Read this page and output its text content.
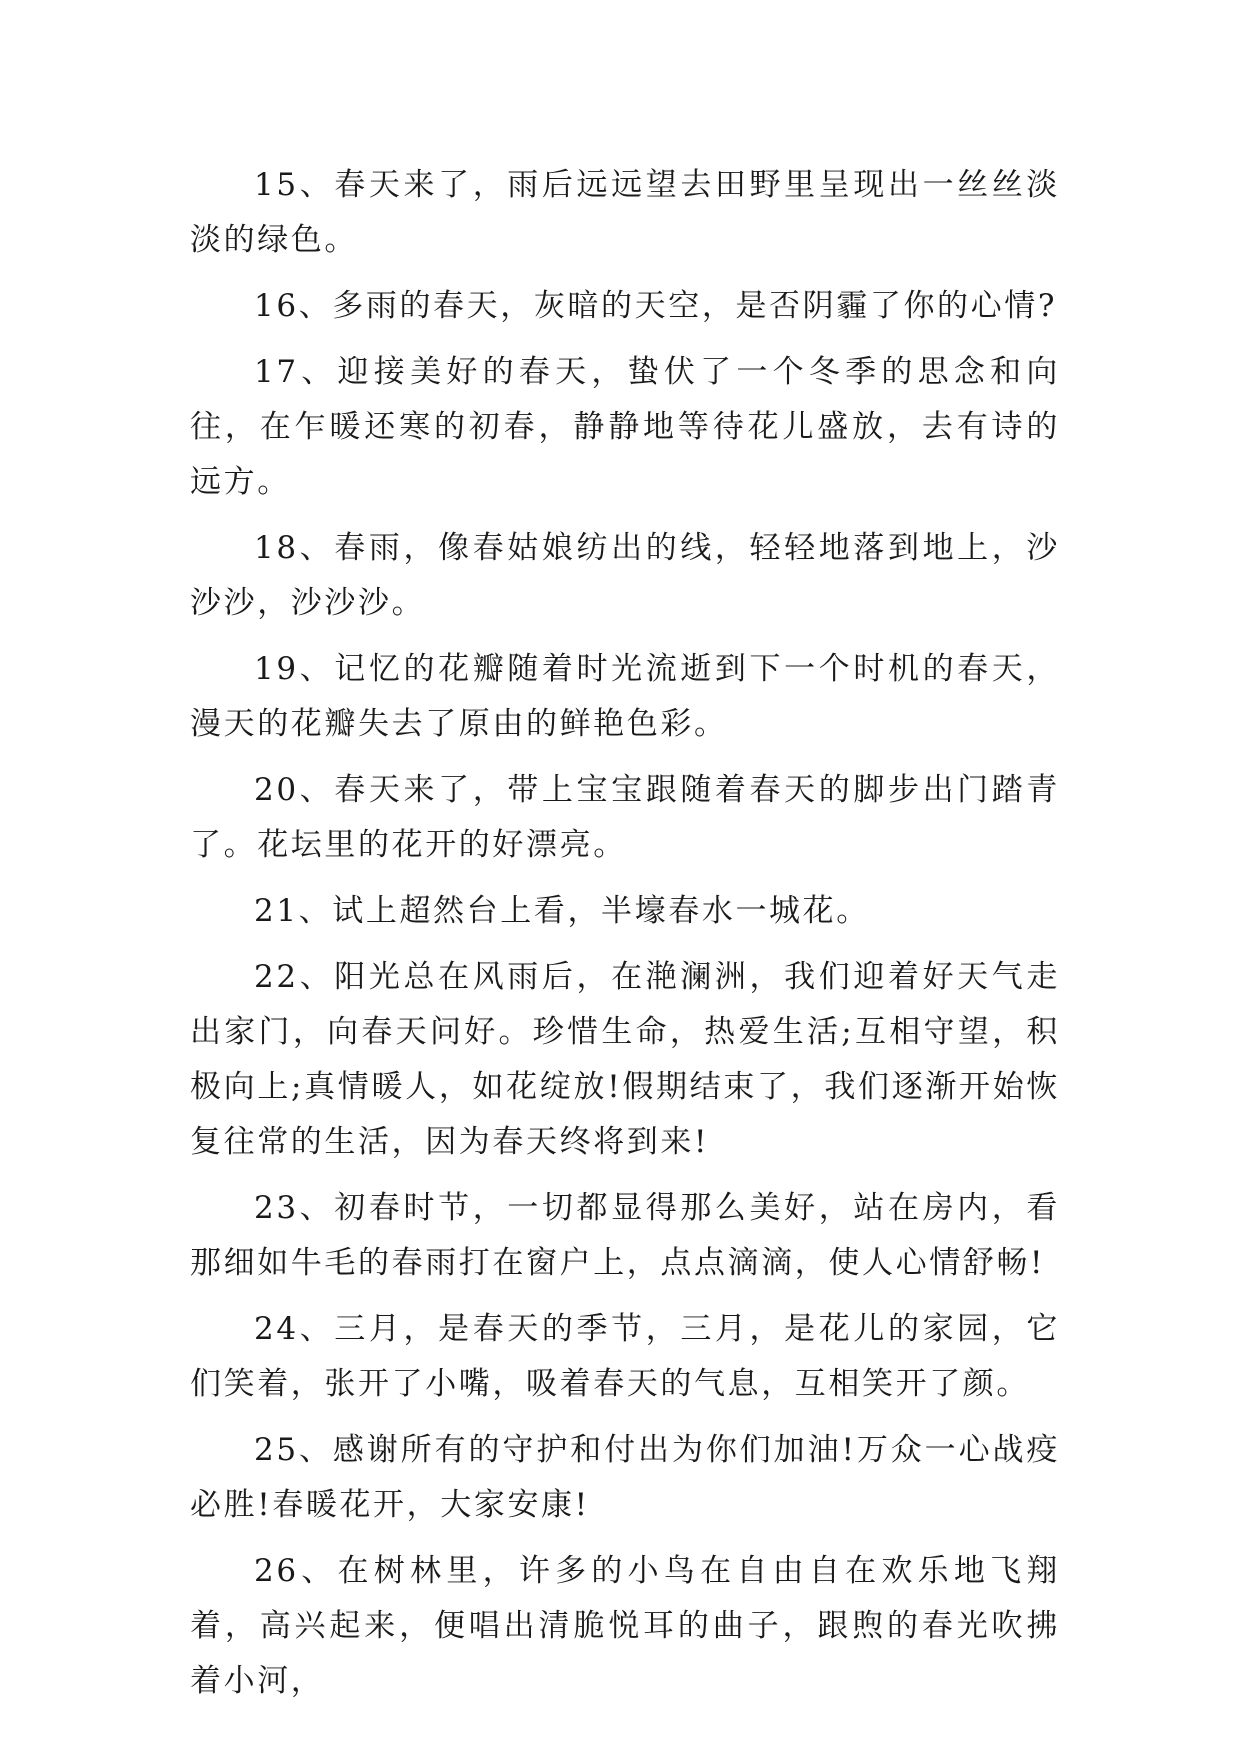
15、春天来了，雨后远远望去田野里呈现出一丝丝淡淡的绿色。

16、多雨的春天，灰暗的天空，是否阴霾了你的心情?

17、迎接美好的春天，蛰伏了一个冬季的思念和向往，在乍暖还寒的初春，静静地等待花儿盛放，去有诗的远方。

18、春雨，像春姑娘纺出的线，轻轻地落到地上，沙沙沙，沙沙沙。

19、记忆的花瓣随着时光流逝到下一个时机的春天，漫天的花瓣失去了原由的鲜艳色彩。

20、春天来了，带上宝宝跟随着春天的脚步出门踏青了。花坛里的花开的好漂亮。

21、试上超然台上看，半壕春水一城花。

22、阳光总在风雨后，在滟澜洲，我们迎着好天气走出家门，向春天问好。珍惜生命，热爱生活;互相守望，积极向上;真情暖人，如花绽放!假期结束了，我们逐渐开始恢复往常的生活，因为春天终将到来!

23、初春时节，一切都显得那么美好，站在房内，看那细如牛毛的春雨打在窗户上，点点滴滴，使人心情舒畅!

24、三月，是春天的季节，三月，是花儿的家园，它们笑着，张开了小嘴，吸着春天的气息，互相笑开了颜。

25、感谢所有的守护和付出为你们加油!万众一心战疫必胜!春暖花开，大家安康!

26、在树林里，许多的小鸟在自由自在欢乐地飞翔着，高兴起来，便唱出清脆悦耳的曲子，跟煦的春光吹拂着小河，
